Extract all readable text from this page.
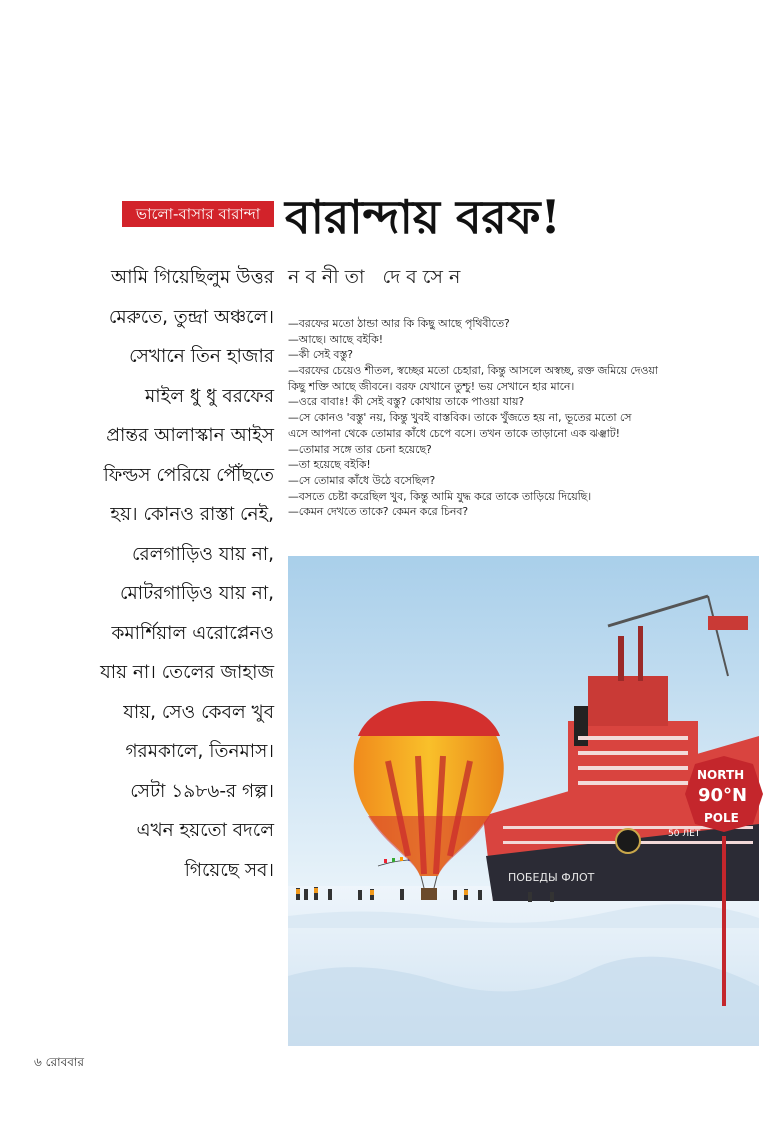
ভালো-বাসার বারান্দা বারান্দায় বরফ!
নবনীতা দেবসেন
আমি গিয়েছিলুম উত্তর
মেরুতে, তুন্দ্রা অঞ্চলে।
সেখানে তিন হাজার
মাইল ধু ধু বরফের
প্রান্তর আলাস্কান আইস
ফিল্ডস পেরিয়ে পৌঁছতে
হয়। কোনও রাস্তা নেই,
রেলগাড়িও যায় না,
মোটরগাড়িও যায় না,
কমার্শিয়াল এরোপ্লেনও
যায় না। তেলের জাহাজ
যায়, সেও কেবল খুব
গরমকালে, তিনমাস।
সেটা ১৯৮৬-র গল্প।
এখন হয়তো বদলে
গিয়েছে সব।
—বরফের মতো ঠান্ডা আর কি কিছু আছে পৃথিবীতে?
—আছে। আছে বইকি!
—কী সেই বস্তু?
—বরফের চেয়েও শীতল, স্বচ্ছের মতো চেহারা, কিন্তু আসলে অস্বচ্ছ, রক্ত জমিয়ে দেওয়া
কিছু শক্তি আছে জীবনে। বরফ যেখানে তুশ্চু! ভয় সেখানে হার মানে।
—ওরে বাবাঃ! কী সেই বস্তু? কোথায় তাকে পাওয়া যায়?
—সে কোনও 'বস্তু' নয়, কিন্তু খুবই বাস্তবিক। তাকে খুঁজতে হয় না, ভূতের মতো সে
এসে আপনা থেকে তোমার কাঁধে চেপে বসে। তখন তাকে তাড়ানো এক ঝঞ্ঝাট!
—তোমার সঙ্গে তার চেনা হয়েছে?
—তা হয়েছে বইকি!
—সে তোমার কাঁধে উঠে বসেছিল?
—বসতে চেষ্টা করেছিল খুব, কিন্তু আমি যুদ্ধ করে তাকে তাড়িয়ে দিয়েছি।
—কেমন দেখতে তাকে? কেমন করে চিনব?
50 ЛЕТ
ПОБЕДЫ ФЛОТ
NORTH
90°N
POLE
৬ রোববার
